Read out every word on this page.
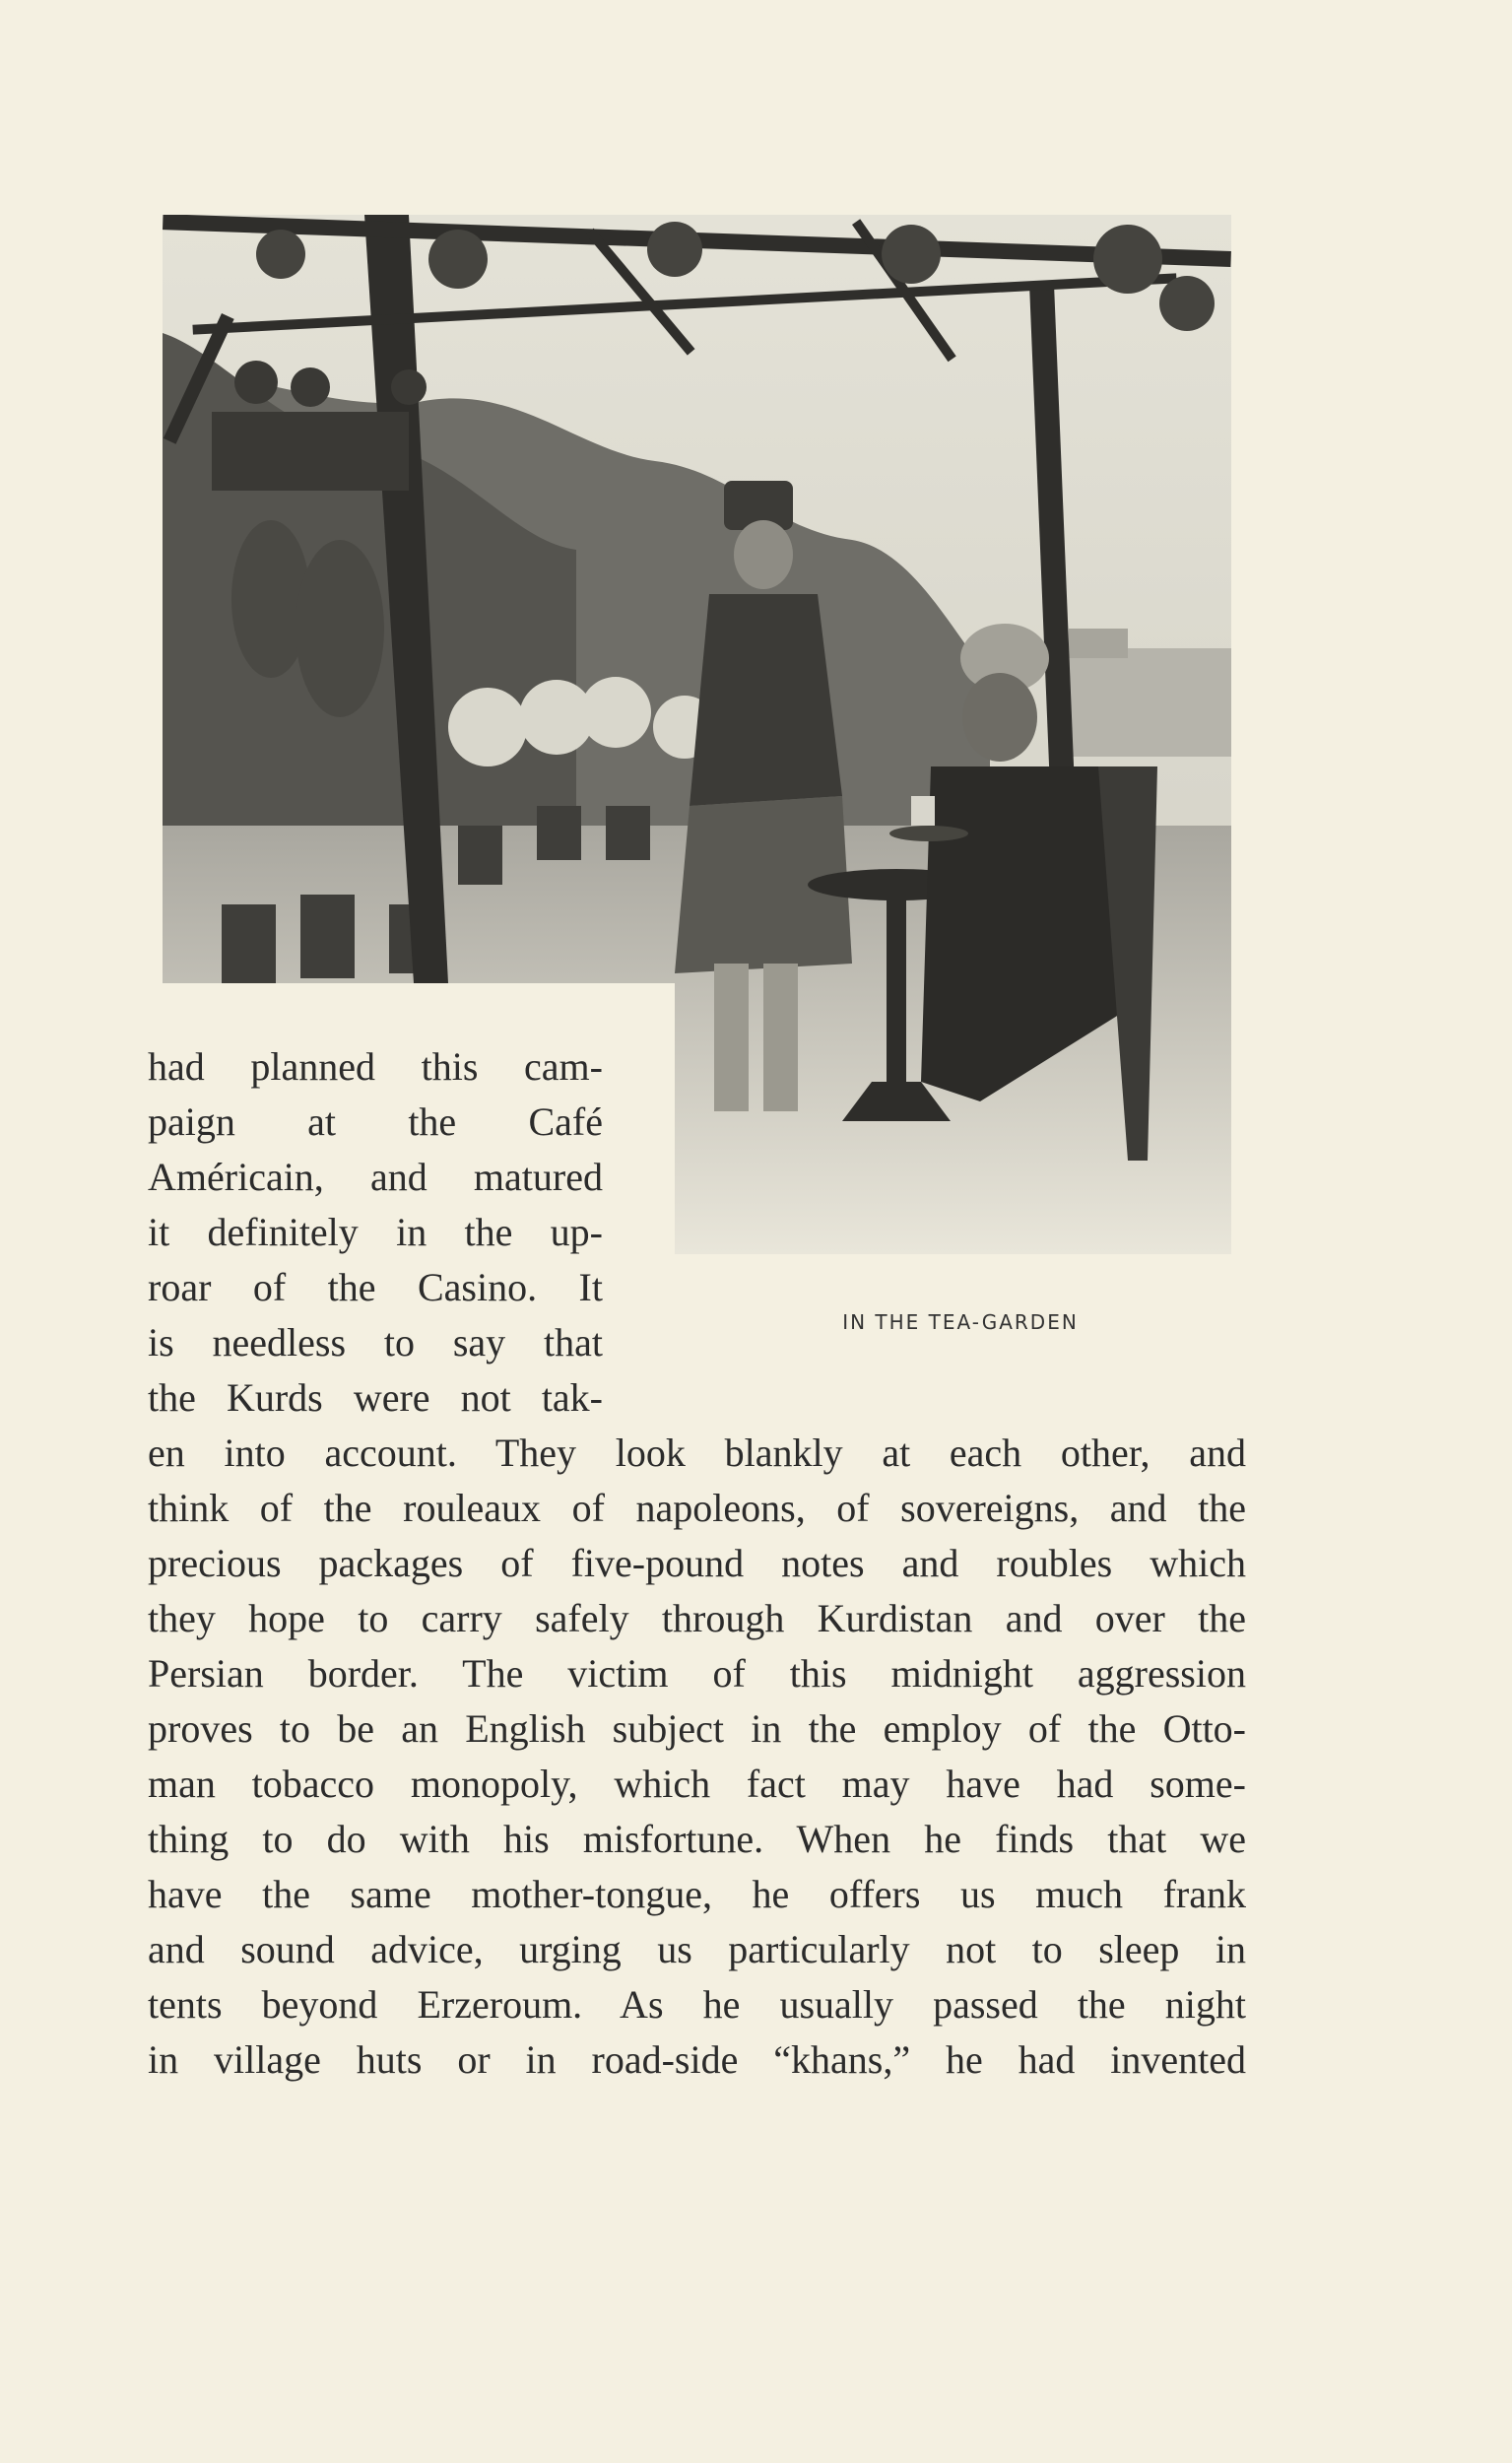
IN THE TEA-GARDEN
had planned this cam-
paign at the Café
Américain, and matured
it definitely in the up-
roar of the Casino. It
is needless to say that
the Kurds were not tak-
en into account. They look blankly at each other, and
think of the rouleaux of napoleons, of sovereigns, and the
precious packages of five-pound notes and roubles which
they hope to carry safely through Kurdistan and over the
Persian border. The victim of this midnight aggression
proves to be an English subject in the employ of the Otto-
man tobacco monopoly, which fact may have had some-
thing to do with his misfortune. When he finds that we
have the same mother-tongue, he offers us much frank
and sound advice, urging us particularly not to sleep in
tents beyond Erzeroum. As he usually passed the night
in village huts or in road-side “khans,” he had invented
